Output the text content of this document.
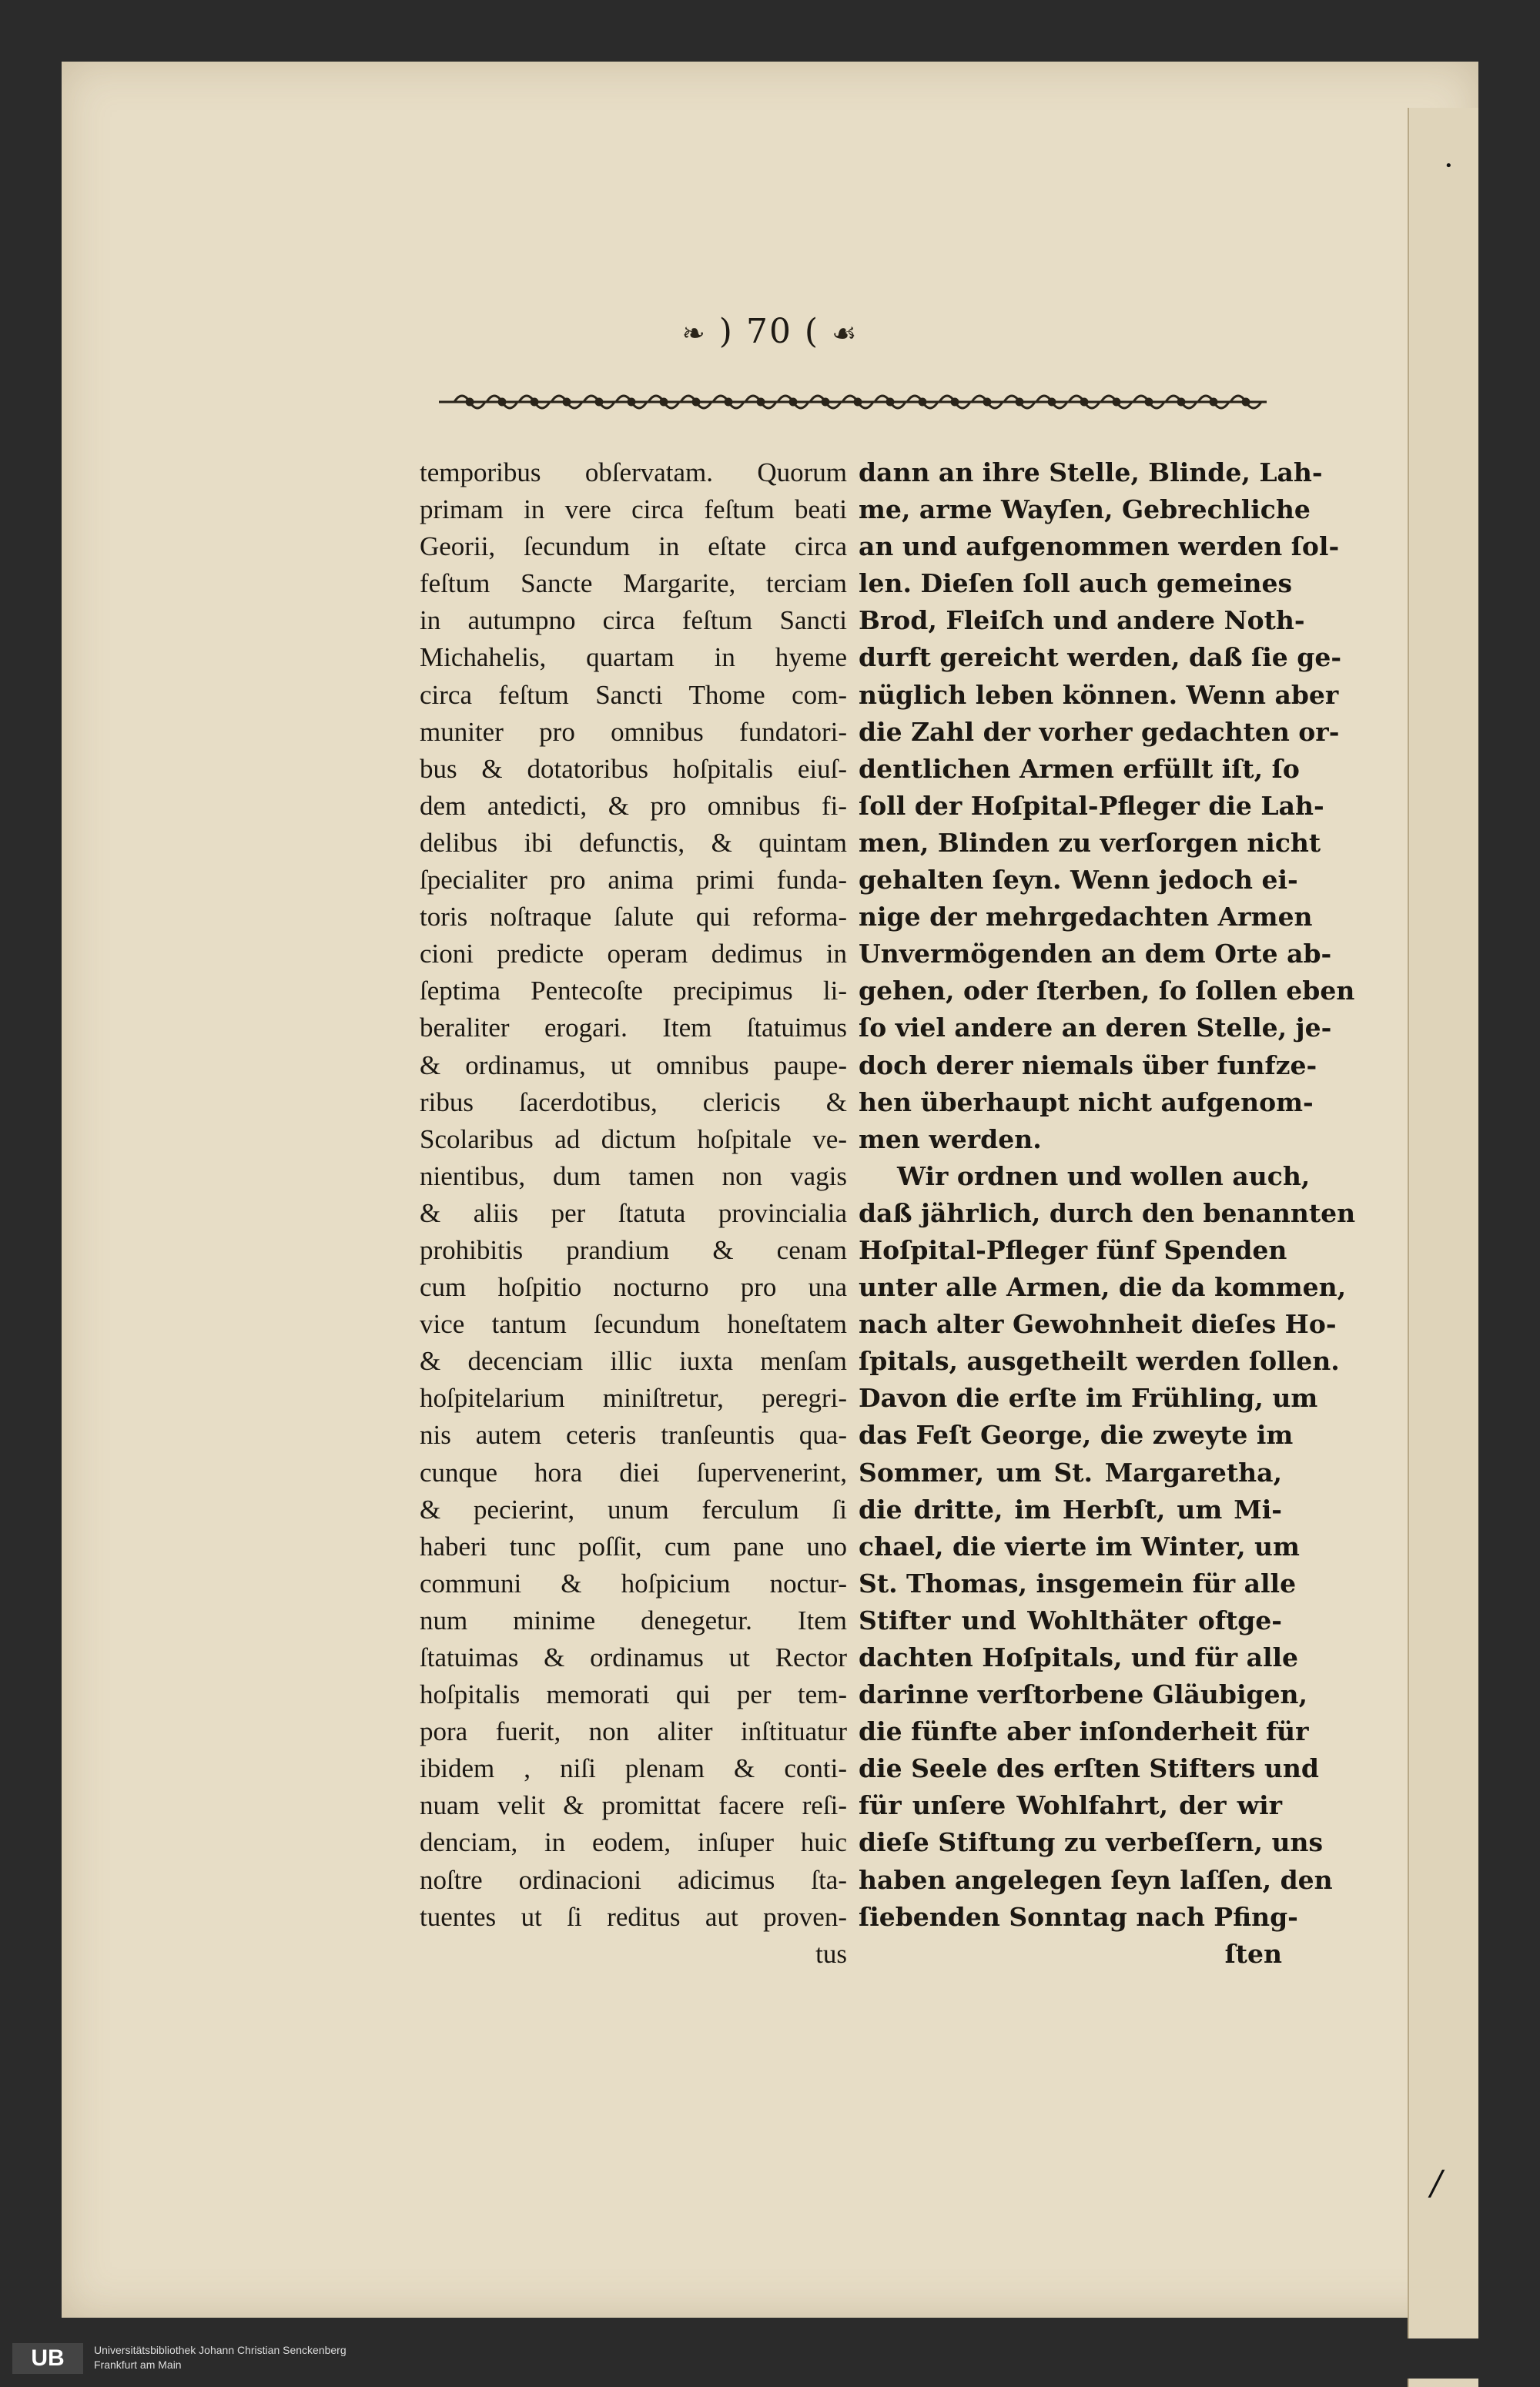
❧ ) 70 ( ☙
temporibus obſervatam. Quorum
primam in vere circa feſtum beati
Georii, ſecundum in eſtate circa
feſtum Sancte Margarite, terciam
in autumpno circa feſtum Sancti
Michahelis, quartam in hyeme
circa feſtum Sancti Thome com-
muniter pro omnibus fundatori-
bus & dotatoribus hoſpitalis eiuſ-
dem antedicti, & pro omnibus fi-
delibus ibi defunctis, & quintam
ſpecialiter pro anima primi funda-
toris noſtraque ſalute qui reforma-
cioni predicte operam dedimus in
ſeptima Pentecoſte precipimus li-
beraliter erogari. Item ſtatuimus
& ordinamus, ut omnibus paupe-
ribus ſacerdotibus, clericis &
Scolaribus ad dictum hoſpitale ve-
nientibus, dum tamen non vagis
& aliis per ſtatuta provincialia
prohibitis prandium & cenam
cum hoſpitio nocturno pro una
vice tantum ſecundum honeſtatem
& decenciam illic iuxta menſam
hoſpitelarium miniſtretur, peregri-
nis autem ceteris tranſeuntis qua-
cunque hora diei ſupervenerint,
& pecierint, unum ferculum ſi
haberi tunc poſſit, cum pane uno
communi & hoſpicium noctur-
num minime denegetur. Item
ſtatuimas & ordinamus ut Rector
hoſpitalis memorati qui per tem-
pora fuerit, non aliter inſtituatur
ibidem , niſi plenam & conti-
nuam velit & promittat facere reſi-
denciam, in eodem, inſuper huic
noſtre ordinacioni adicimus ſta-
tuentes ut ſi reditus aut proven-
tus
dann an ihre Stelle, Blinde, Lah-
me, arme Wayſen, Gebrechliche
an und aufgenommen werden ſol-
len. Dieſen ſoll auch gemeines
Brod, Fleiſch und andere Noth-
durft gereicht werden, daß ſie ge-
nüglich leben können. Wenn aber
die Zahl der vorher gedachten or-
dentlichen Armen erfüllt iſt, ſo
ſoll der Hoſpital-Pfleger die Lah-
men, Blinden zu verſorgen nicht
gehalten ſeyn. Wenn jedoch ei-
nige der mehrgedachten Armen
Unvermögenden an dem Orte ab-
gehen, oder ſterben, ſo ſollen eben
ſo viel andere an deren Stelle, je-
doch derer niemals über funfze-
hen überhaupt nicht aufgenom-
men werden.
Wir ordnen und wollen auch,
daß jährlich, durch den benannten
Hoſpital-Pfleger fünf Spenden
unter alle Armen, die da kommen,
nach alter Gewohnheit dieſes Ho-
ſpitals, ausgetheilt werden ſollen.
Davon die erſte im Frühling, um
das Feſt George, die zweyte im
Sommer, um St. Margaretha,
die dritte, im Herbſt, um Mi-
chael, die vierte im Winter, um
St. Thomas, insgemein für alle
Stifter und Wohlthäter oftge-
dachten Hoſpitals, und für alle
darinne verſtorbene Gläubigen,
die fünfte aber inſonderheit für
die Seele des erſten Stifters und
für unſere Wohlfahrt, der wir
dieſe Stiftung zu verbeſſern, uns
haben angelegen ſeyn laſſen, den
ſiebenden Sonntag nach Pfing-
ſten
•
/
UB	Universitätsbibliothek Johann Christian Senckenberg
Frankfurt am Main
